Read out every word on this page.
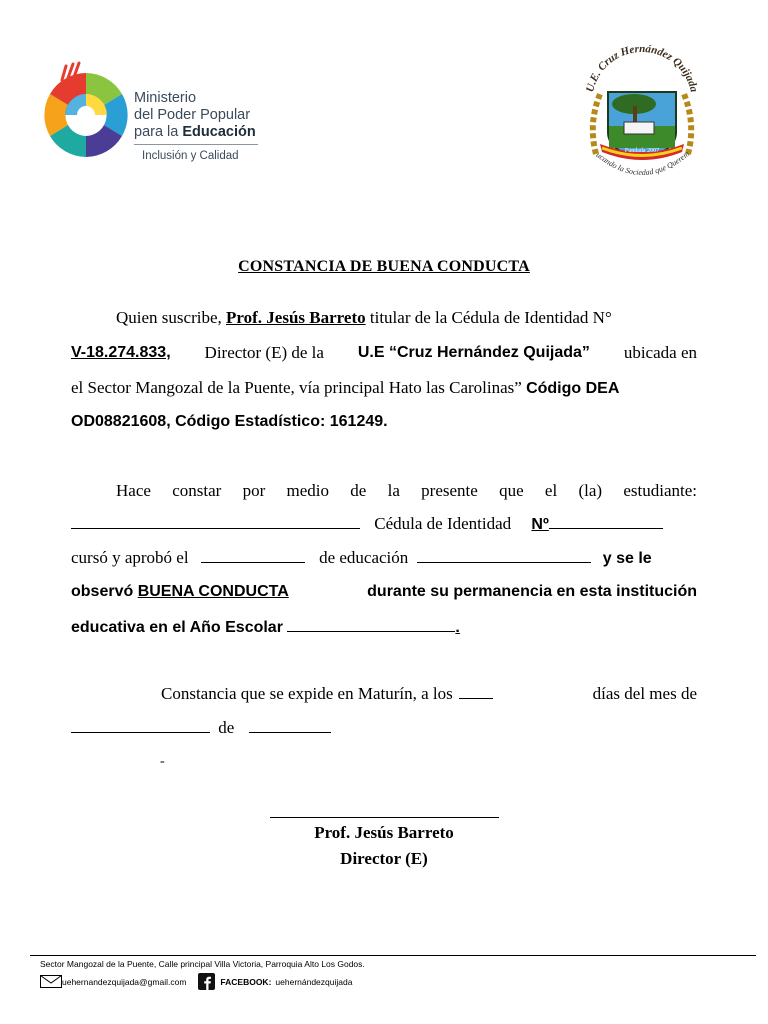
Ministerio
del Poder Popular
para la Educación
Inclusión y Calidad
U.E. Cruz Hernández Quijada
Fundada 2007
ucando la Sociedad que Querem
CONSTANCIA DE BUENA CONDUCTA
Quien suscribe, Prof. Jesús Barreto titular de la Cédula de Identidad N°
V-18.274.833, Director (E) de la U.E “Cruz Hernández Quijada” ubicada en
el Sector Mangozal de la Puente, vía principal Hato las Carolinas” Código DEA
OD08821608, Código Estadístico: 161249.
Hace constar por medio de la presente que el (la) estudiante:
Cédula de Identidad Nº
cursó y aprobó el	de educación	y se le
observó BUENA CONDUCTA	durante su permanencia en esta institución
educativa en el Año Escolar	.
Constancia que se expide en Maturín, a los	días del mes de
de
-
Prof. Jesús Barreto
Director (E)
Sector Mangozal de la Puente, Calle principal Villa Victoria, Parroquia Alto Los Godos.
uehernandezquijada@gmail.com	FACEBOOK: uehernándezquijada
